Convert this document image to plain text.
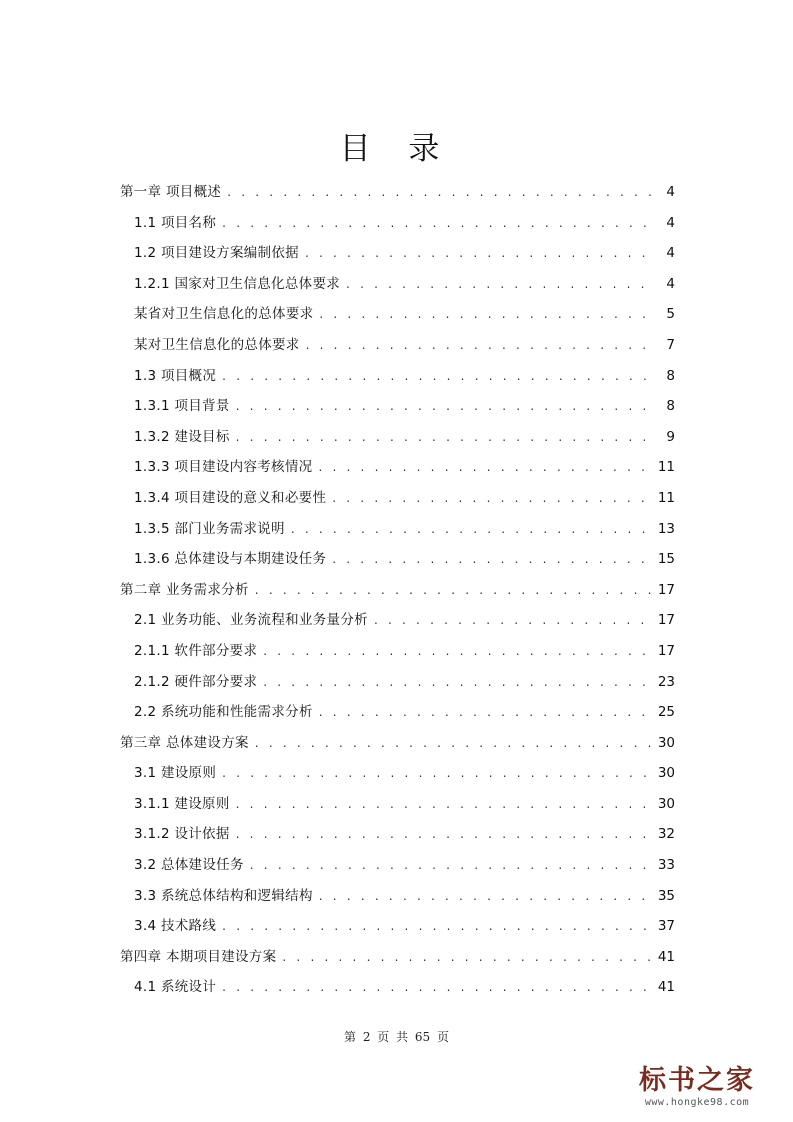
目 录
第一章 项目概述 . . .	4
1.1 项目名称 . . .	4
1.2 项目建设方案编制依据 . . .	4
1.2.1 国家对卫生信息化总体要求 . . .	4
某省对卫生信息化的总体要求 . . .	5
某对卫生信息化的总体要求 . . .	7
1.3 项目概况 . . .	8
1.3.1 项目背景 . . .	8
1.3.2 建设目标 . . .	9
1.3.3 项目建设内容考核情况 . . .	11
1.3.4 项目建设的意义和必要性 . . .	11
1.3.5 部门业务需求说明 . . .	13
1.3.6 总体建设与本期建设任务 . . .	15
第二章 业务需求分析 . . .	17
2.1 业务功能、业务流程和业务量分析 . . .	17
2.1.1 软件部分要求 . . .	17
2.1.2 硬件部分要求 . . .	23
2.2 系统功能和性能需求分析 . . .	25
第三章 总体建设方案 . . .	30
3.1 建设原则 . . .	30
3.1.1 建设原则 . . .	30
3.1.2 设计依据 . . .	32
3.2 总体建设任务 . . .	33
3.3 系统总体结构和逻辑结构 . . .	35
3.4 技术路线 . . .	37
第四章 本期项目建设方案 . . .	41
4.1 系统设计 . . .	41
第 2 页 共 65 页
标书之家
www.hongke98.com
